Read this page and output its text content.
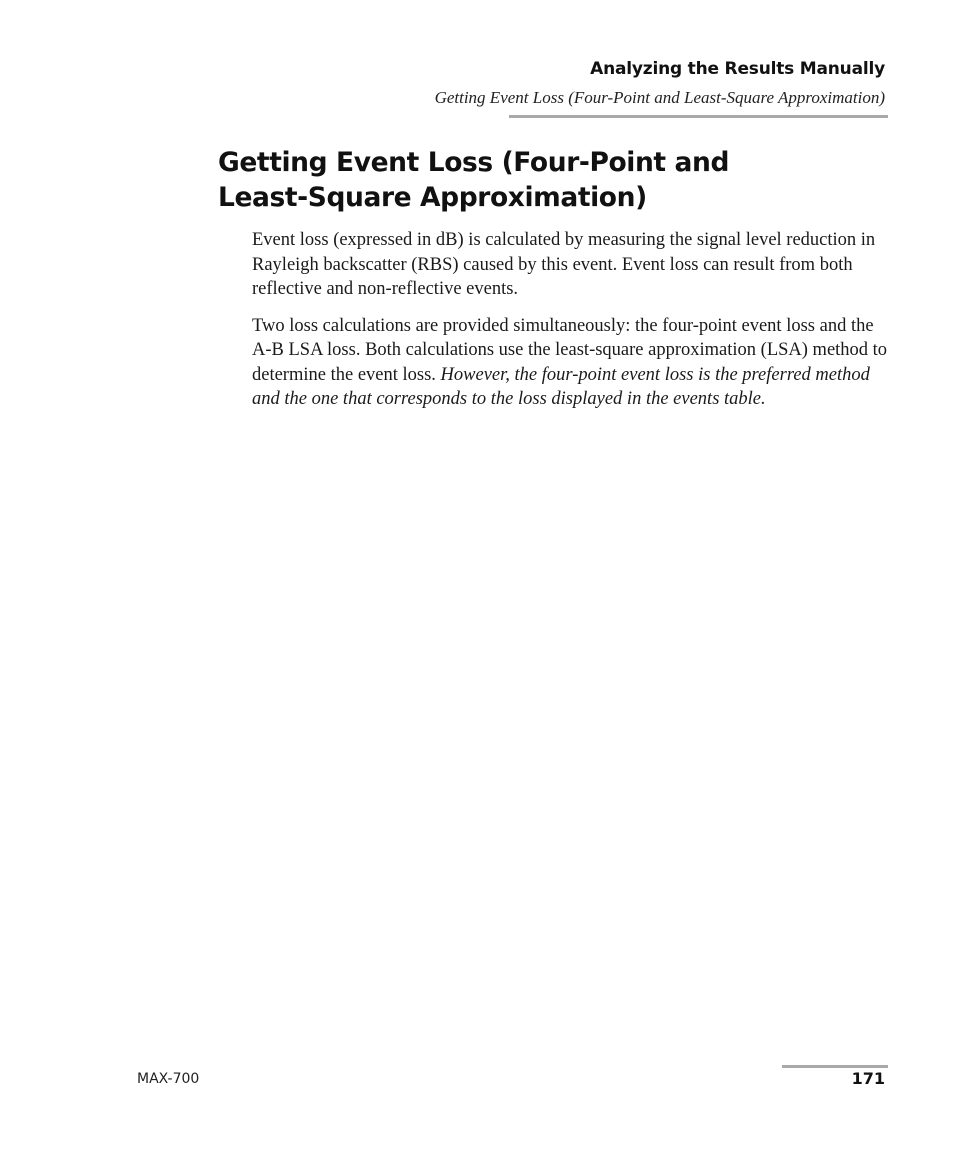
Analyzing the Results Manually
Getting Event Loss (Four-Point and Least-Square Approximation)
Getting Event Loss (Four-Point and
Least-Square Approximation)

Event loss (expressed in dB) is calculated by measuring the signal level reduction in Rayleigh backscatter (RBS) caused by this event. Event loss can result from both reflective and non-reflective events.

Two loss calculations are provided simultaneously: the four-point event loss and the A-B LSA loss. Both calculations use the least-square approximation (LSA) method to determine the event loss. However, the four-point event loss is the preferred method and the one that corresponds to the loss displayed in the events table.

MAX-700	171
